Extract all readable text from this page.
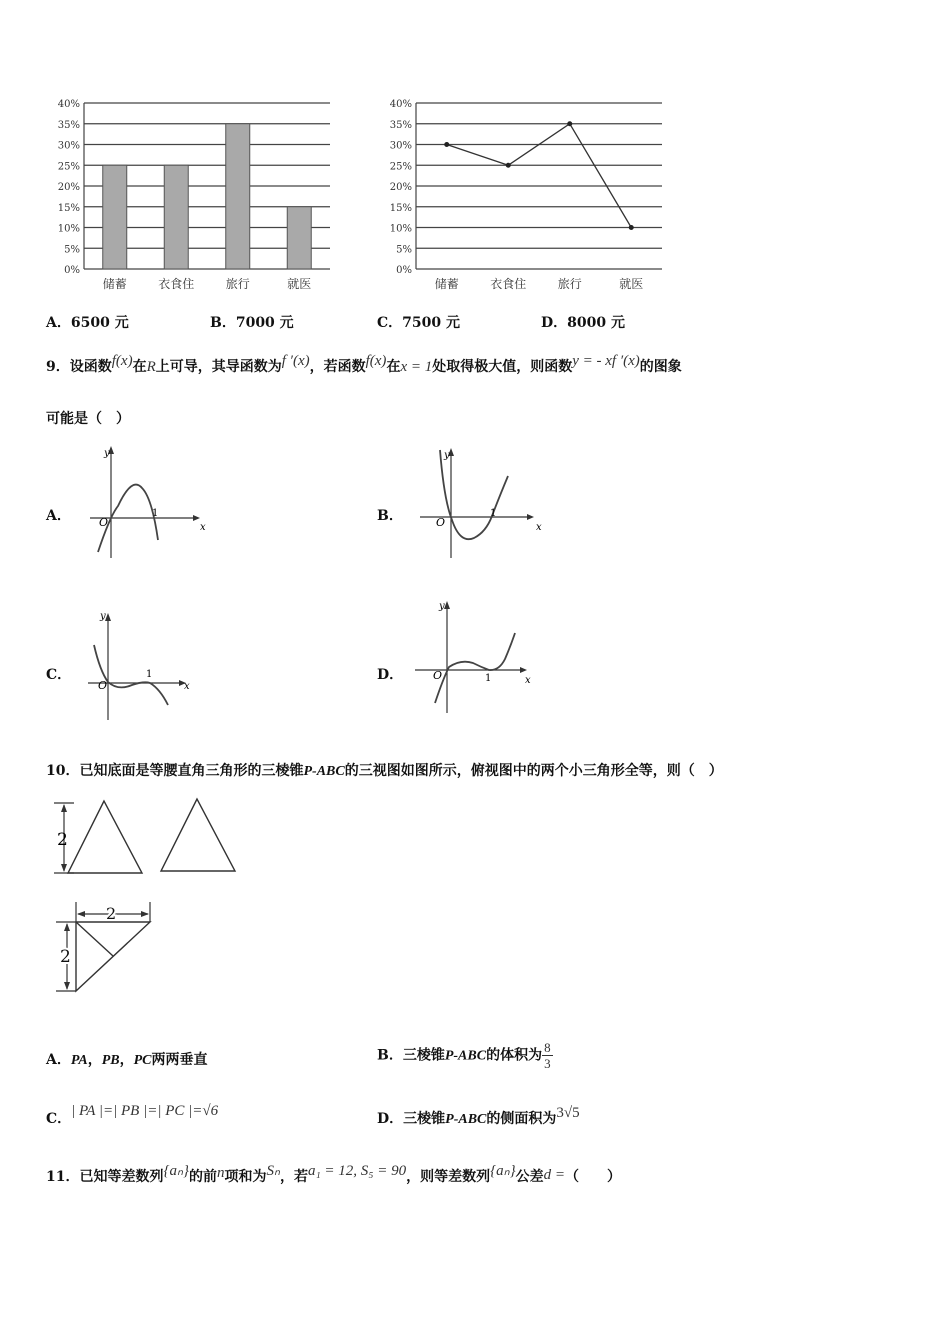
0%
5%
10%
15%
20%
25%
30%
35%
40%
储蓄	衣食住	旅行	就医
0%
5%
10%
15%
20%
25%
30%
35%
40%
储蓄	衣食住	旅行	就医
A．6500 元	B．7000 元	C．7500 元	D．8000 元
9．设函数f(x)在R上可导，其导函数为f ′(x)，若函数f(x)在x = 1处取得极大值，则函数y = - xf ′(x)的图象
可能是（　）
A．	B．
C．	D．
y
x
O
1
y
x
O
1
y
x
O
1
y
x
O	1
10．已知底面是等腰直角三角形的三棱锥P-ABC的三视图如图所示，俯视图中的两个小三角形全等，则（　）
2
2
2
A．PA，PB，PC两两垂直	B．三棱锥P-ABC的体积为 $\frac{8}{3}$
C．| PA |=| PB |=| PC |=√6	D．三棱锥P-ABC的侧面积为3√5
11．已知等差数列{aₙ}的前n项和为Sₙ，若a₁ = 12, S₅ = 90，则等差数列{aₙ}公差d =（　　）
